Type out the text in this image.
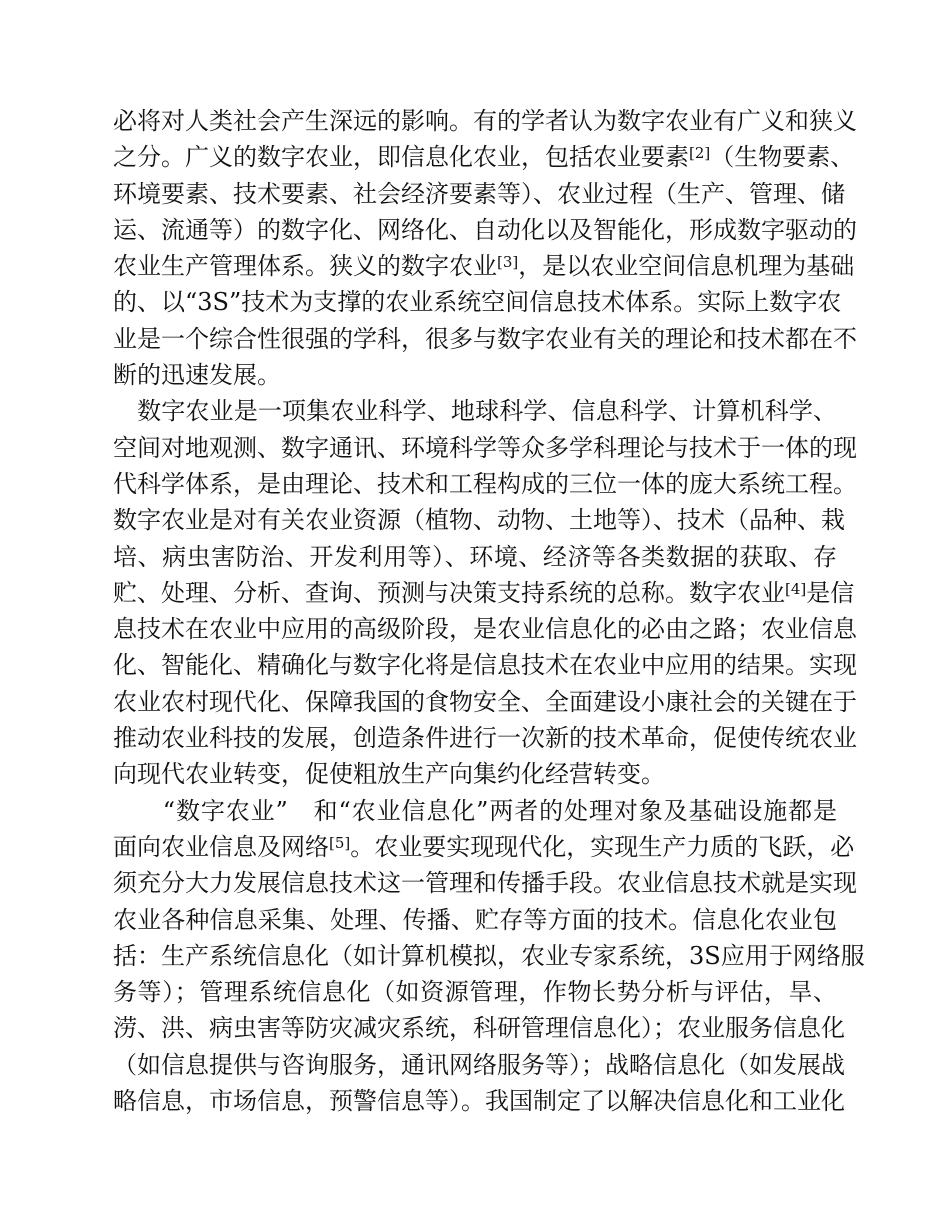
必将对人类社会产生深远的影响。有的学者认为数字农业有广义和狭义
之分。广义的数字农业，即信息化农业，包括农业要素[2]（生物要素、
环境要素、技术要素、社会经济要素等）、农业过程（生产、管理、储
运、流通等）的数字化、网络化、自动化以及智能化，形成数字驱动的
农业生产管理体系。狭义的数字农业[3]，是以农业空间信息机理为基础
的、以“3S”技术为支撑的农业系统空间信息技术体系。实际上数字农
业是一个综合性很强的学科，很多与数字农业有关的理论和技术都在不
断的迅速发展。
　数字农业是一项集农业科学、地球科学、信息科学、计算机科学、
空间对地观测、数字通讯、环境科学等众多学科理论与技术于一体的现
代科学体系，是由理论、技术和工程构成的三位一体的庞大系统工程。
数字农业是对有关农业资源（植物、动物、土地等）、技术（品种、栽
培、病虫害防治、开发利用等）、环境、经济等各类数据的获取、存
贮、处理、分析、查询、预测与决策支持系统的总称。数字农业[4]是信
息技术在农业中应用的高级阶段，是农业信息化的必由之路；农业信息
化、智能化、精确化与数字化将是信息技术在农业中应用的结果。实现
农业农村现代化、保障我国的食物安全、全面建设小康社会的关键在于
推动农业科技的发展，创造条件进行一次新的技术革命，促使传统农业
向现代农业转变，促使粗放生产向集约化经营转变。
　　“数字农业”　和“农业信息化”两者的处理对象及基础设施都是
面向农业信息及网络[5]。农业要实现现代化，实现生产力质的飞跃，必
须充分大力发展信息技术这一管理和传播手段。农业信息技术就是实现
农业各种信息采集、处理、传播、贮存等方面的技术。信息化农业包
括：生产系统信息化（如计算机模拟，农业专家系统，3S应用于网络服
务等）；管理系统信息化（如资源管理，作物长势分析与评估，旱、
涝、洪、病虫害等防灾减灾系统，科研管理信息化）；农业服务信息化
（如信息提供与咨询服务，通讯网络服务等）；战略信息化（如发展战
略信息，市场信息，预警信息等）。我国制定了以解决信息化和工业化
